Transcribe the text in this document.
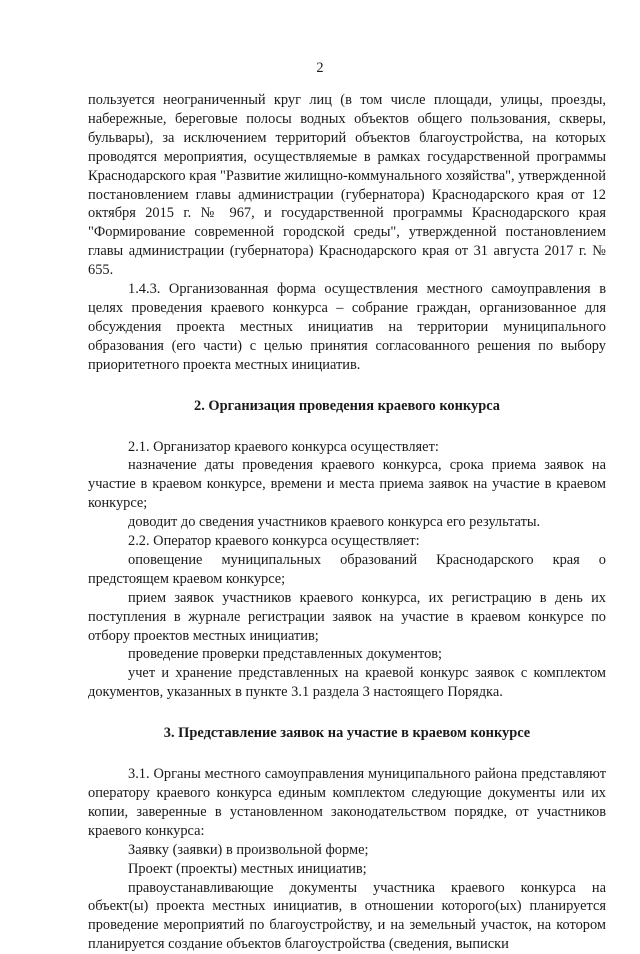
2

пользуется неограниченный круг лиц (в том числе площади, улицы, проезды, набережные, береговые полосы водных объектов общего пользования, скверы, бульвары), за исключением территорий объектов благоустройства, на которых проводятся мероприятия, осуществляемые в рамках государственной программы Краснодарского края "Развитие жилищно-коммунального хозяйства", утвержденной постановлением главы администрации (губернатора) Краснодарского края от 12 октября 2015 г. № 967, и государственной программы Краснодарского края "Формирование современной городской среды", утвержденной постановлением главы администрации (губернатора) Краснодарского края от 31 августа 2017 г. № 655.

1.4.3. Организованная форма осуществления местного самоуправления в целях проведения краевого конкурса – собрание граждан, организованное для обсуждения проекта местных инициатив на территории муниципального образования (его части) с целью принятия согласованного решения по выбору приоритетного проекта местных инициатив.

2. Организация проведения краевого конкурса

2.1. Организатор краевого конкурса осуществляет:

назначение даты проведения краевого конкурса, срока приема заявок на участие в краевом конкурсе, времени и места приема заявок на участие в краевом конкурсе;

доводит до сведения участников краевого конкурса его результаты.

2.2. Оператор краевого конкурса осуществляет:

оповещение муниципальных образований Краснодарского края о предстоящем краевом конкурсе;

прием заявок участников краевого конкурса, их регистрацию в день их поступления в журнале регистрации заявок на участие в краевом конкурсе по отбору проектов местных инициатив;

проведение проверки представленных документов;

учет и хранение представленных на краевой конкурс заявок с комплектом документов, указанных в пункте 3.1 раздела 3 настоящего Порядка.

3. Представление заявок на участие в краевом конкурсе

3.1. Органы местного самоуправления муниципального района представляют оператору краевого конкурса единым комплектом следующие документы или их копии, заверенные в установленном законодательством порядке, от участников краевого конкурса:

Заявку (заявки) в произвольной форме;

Проект (проекты) местных инициатив;

правоустанавливающие документы участника краевого конкурса на объект(ы) проекта местных инициатив, в отношении которого(ых) планируется проведение мероприятий по благоустройству, и на земельный участок, на котором планируется создание объектов благоустройства (сведения, выписки
